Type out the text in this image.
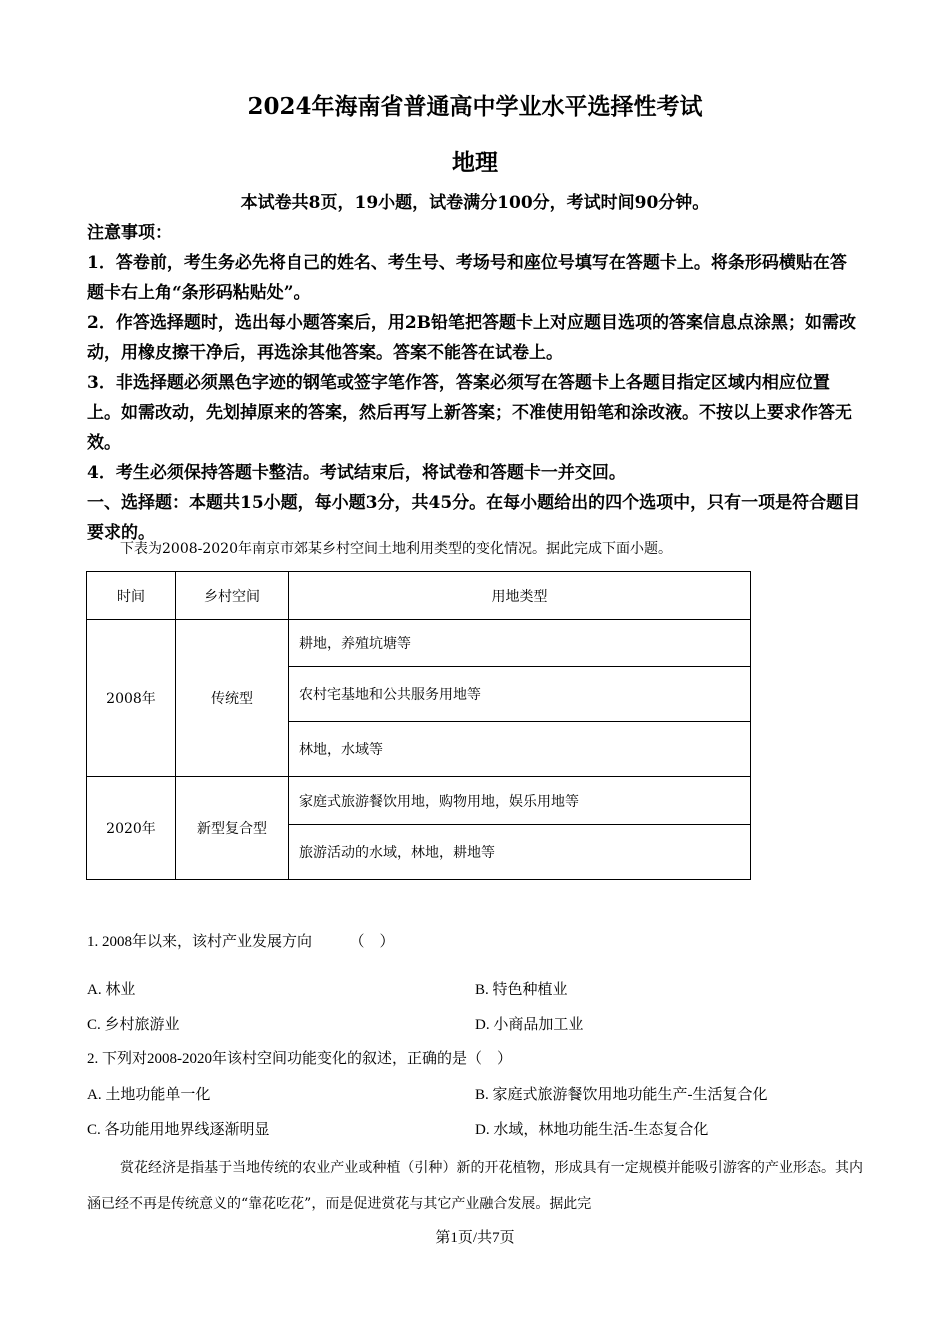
2024年海南省普通高中学业水平选择性考试
地理
本试卷共8页，19小题，试卷满分100分，考试时间90分钟。

注意事项：

1．答卷前，考生务必先将自己的姓名、考生号、考场号和座位号填写在答题卡上。将条形码横贴在答题卡右上角“条形码粘贴处”。

2．作答选择题时，选出每小题答案后，用2B铅笔把答题卡上对应题目选项的答案信息点涂黑；如需改动，用橡皮擦干净后，再选涂其他答案。答案不能答在试卷上。

3．非选择题必须黑色字迹的钢笔或签字笔作答，答案必须写在答题卡上各题目指定区域内相应位置上。如需改动，先划掉原来的答案，然后再写上新答案；不准使用铅笔和涂改液。不按以上要求作答无效。

4．考生必须保持答题卡整洁。考试结束后，将试卷和答题卡一并交回。

一、选择题：本题共15小题，每小题3分，共45分。在每小题给出的四个选项中，只有一项是符合题目要求的。

下表为2008-2020年南京市郊某乡村空间土地利用类型的变化情况。据此完成下面小题。
时间	乡村空间	用地类型
2008年	传统型	耕地，养殖坑塘等
		农村宅基地和公共服务用地等
		林地，水域等
2020年	新型复合型	家庭式旅游餐饮用地，购物用地，娱乐用地等
		旅游活动的水域，林地，耕地等
1. 2008年以来，该村产业发展方向　　　（　）
A. 林业	B. 特色种植业
C. 乡村旅游业	D. 小商品加工业
2. 下列对2008-2020年该村空间功能变化的叙述，正确的是（　）
A. 土地功能单一化	B. 家庭式旅游餐饮用地功能生产-生活复合化
C. 各功能用地界线逐渐明显	D. 水域，林地功能生活-生态复合化
赏花经济是指基于当地传统的农业产业或种植（引种）新的开花植物，形成具有一定规模并能吸引游客的产业形态。其内涵已经不再是传统意义的“靠花吃花”，而是促进赏花与其它产业融合发展。据此完
第1页/共7页
